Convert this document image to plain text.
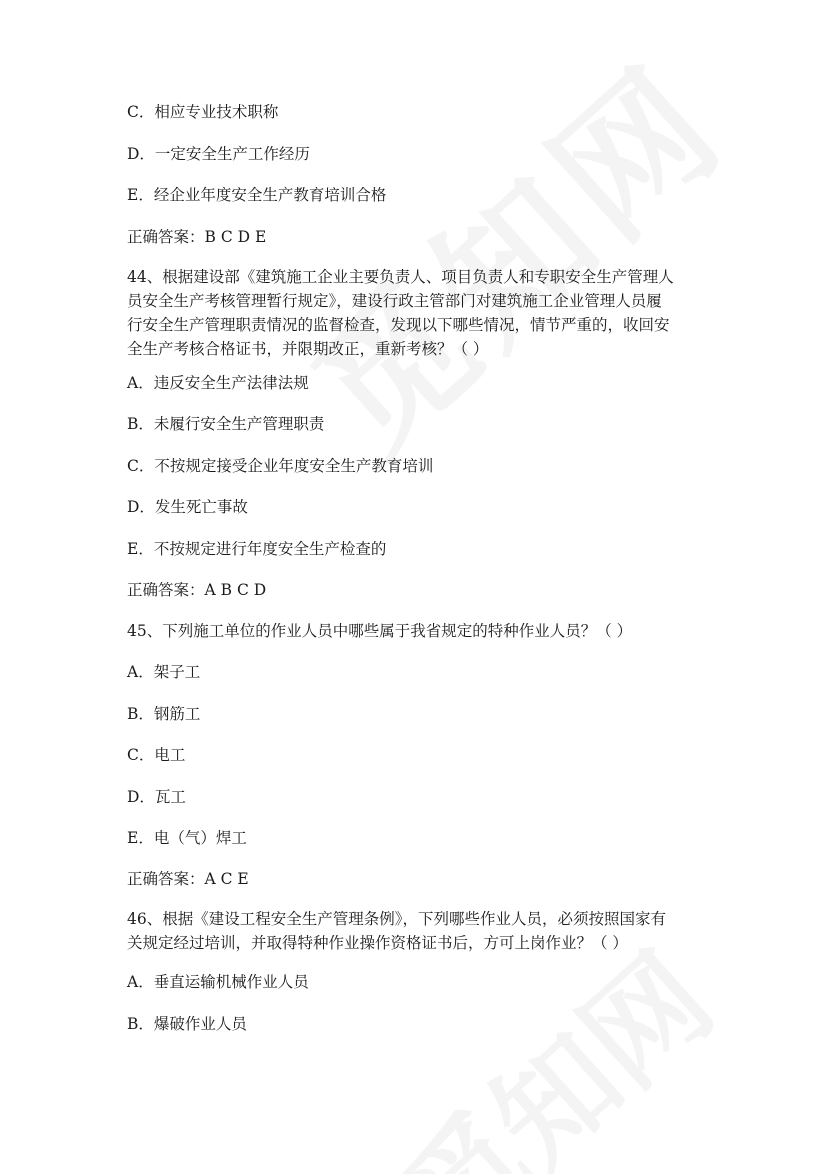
C．相应专业技术职称
D．一定安全生产工作经历
E．经企业年度安全生产教育培训合格
正确答案：B C D E
44、根据建设部《建筑施工企业主要负责人、项目负责人和专职安全生产管理人
员安全生产考核管理暂行规定》，建设行政主管部门对建筑施工企业管理人员履
行安全生产管理职责情况的监督检查，发现以下哪些情况，情节严重的，收回安
全生产考核合格证书，并限期改正，重新考核？（ ）
A．违反安全生产法律法规
B．未履行安全生产管理职责
C．不按规定接受企业年度安全生产教育培训
D．发生死亡事故
E．不按规定进行年度安全生产检查的
正确答案：A B C D
45、下列施工单位的作业人员中哪些属于我省规定的特种作业人员？（ ）
A．架子工
B．钢筋工
C．电工
D．瓦工
E．电（气）焊工
正确答案：A C E
46、根据《建设工程安全生产管理条例》，下列哪些作业人员，必须按照国家有
关规定经过培训，并取得特种作业操作资格证书后，方可上岗作业？（ ）
A．垂直运输机械作业人员
B．爆破作业人员
